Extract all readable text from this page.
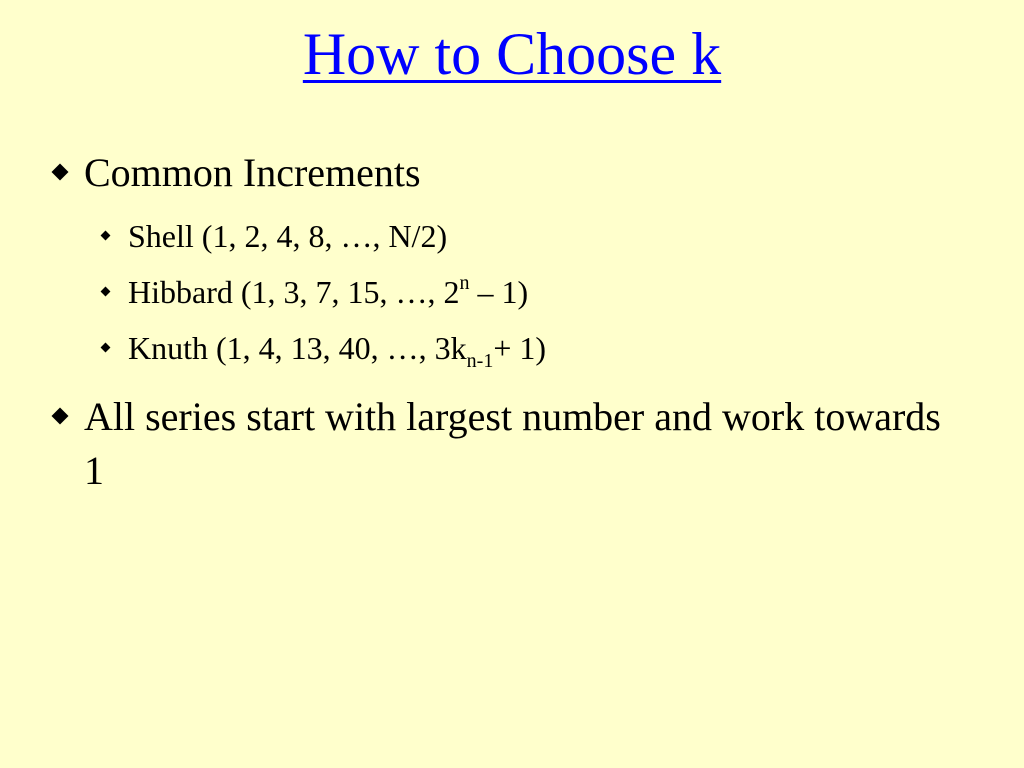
How to Choose k
Common Increments
Shell (1, 2, 4, 8, …, N/2)
Hibbard (1, 3, 7, 15, …, 2$^n$ – 1)
Knuth (1, 4, 13, 40, …, $3k_{n-1}+ 1$)
All series start with largest number and work towards 1
